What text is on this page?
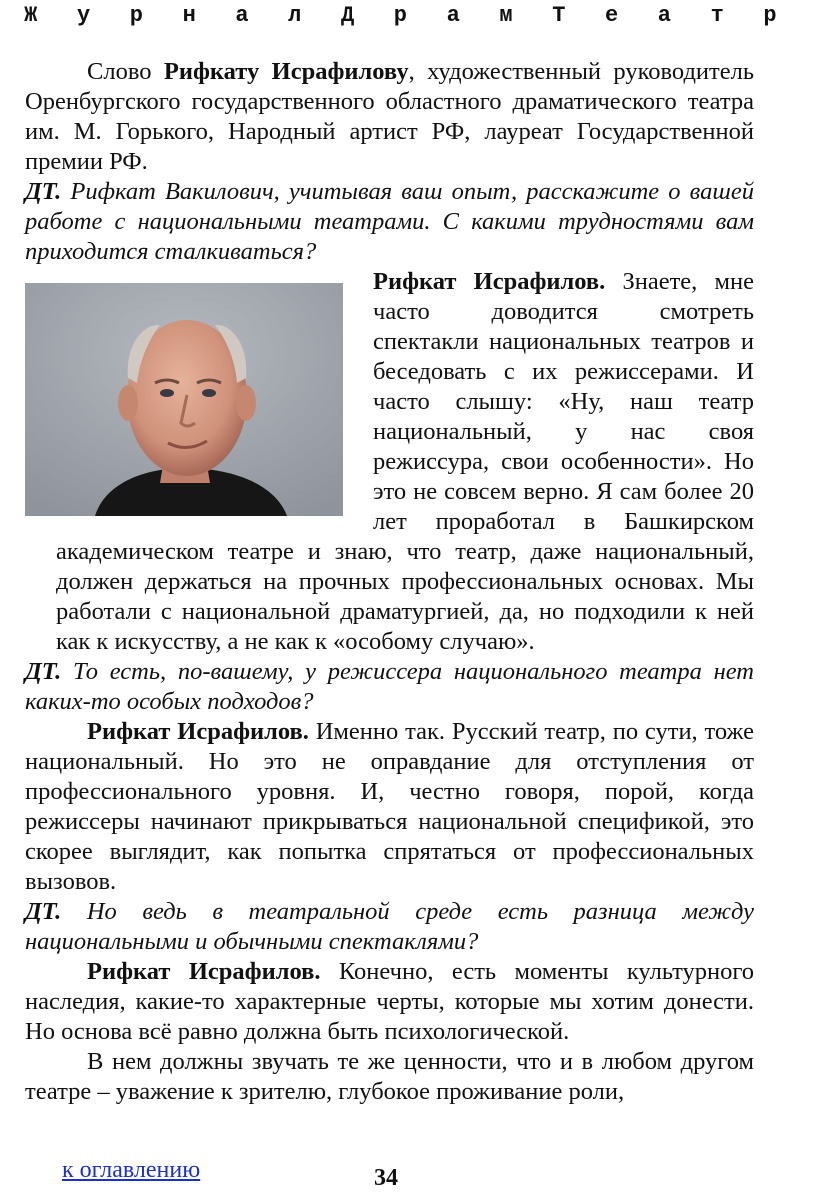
Ж у р н а л Д р а м Т е а т р

Слово Рифкату Исрафилову, художественный руководитель Оренбургского государственного областного драматического театра им. М. Горького, Народный артист РФ, лауреат Государственной премии РФ.

ДТ. Рифкат Вакилович, учитывая ваш опыт, расскажите о вашей работе с национальными театрами. С какими трудностями вам приходится сталкиваться?

Рифкат Исрафилов. Знаете, мне часто доводится смотреть спектакли национальных театров и беседовать с их режиссерами. И часто слышу: «Ну, наш театр национальный, у нас своя режиссура, свои особенности». Но это не совсем верно. Я сам более 20 лет проработал в Башкирском академическом театре и знаю, что театр, даже национальный, должен держаться на прочных профессиональных основах. Мы работали с национальной драматургией, да, но подходили к ней как к искусству, а не как к «особому случаю».

ДТ. То есть, по-вашему, у режиссера национального театра нет каких-то особых подходов?

Рифкат Исрафилов. Именно так. Русский театр, по сути, тоже национальный. Но это не оправдание для отступления от профессионального уровня. И, честно говоря, порой, когда режиссеры начинают прикрываться национальной спецификой, это скорее выглядит, как попытка спрятаться от профессиональных вызовов.

ДТ. Но ведь в театральной среде есть разница между национальными и обычными спектаклями?

Рифкат Исрафилов. Конечно, есть моменты культурного наследия, какие-то характерные черты, которые мы хотим донести. Но основа всё равно должна быть психологической.

В нем должны звучать те же ценности, что и в любом другом театре – уважение к зрителю, глубокое проживание роли,

к оглавлению	34
